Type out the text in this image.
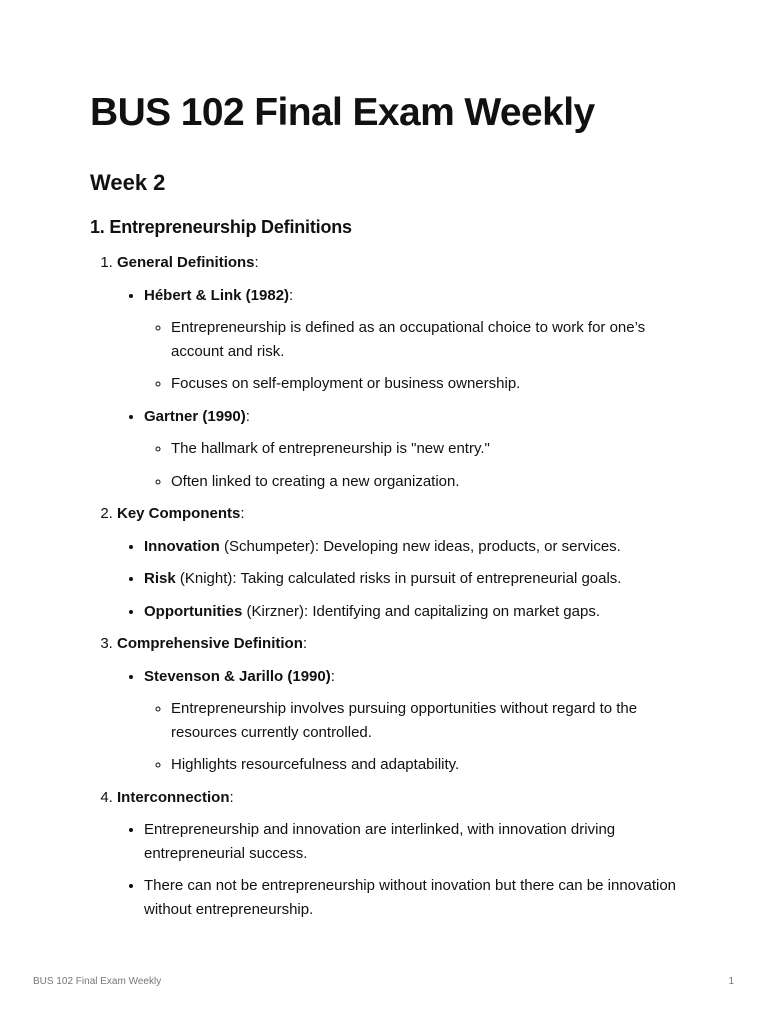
BUS 102 Final Exam Weekly
Week 2
1. Entrepreneurship Definitions
1. General Definitions:
• Hébert & Link (1982):
◦ Entrepreneurship is defined as an occupational choice to work for one’s account and risk.
◦ Focuses on self-employment or business ownership.
• Gartner (1990):
◦ The hallmark of entrepreneurship is "new entry."
◦ Often linked to creating a new organization.
2. Key Components:
• Innovation (Schumpeter): Developing new ideas, products, or services.
• Risk (Knight): Taking calculated risks in pursuit of entrepreneurial goals.
• Opportunities (Kirzner): Identifying and capitalizing on market gaps.
3. Comprehensive Definition:
• Stevenson & Jarillo (1990):
◦ Entrepreneurship involves pursuing opportunities without regard to the resources currently controlled.
◦ Highlights resourcefulness and adaptability.
4. Interconnection:
• Entrepreneurship and innovation are interlinked, with innovation driving entrepreneurial success.
• There can not be entrepreneurship without inovation but there can be innovation without entrepreneurship.
BUS 102 Final Exam Weekly	1
